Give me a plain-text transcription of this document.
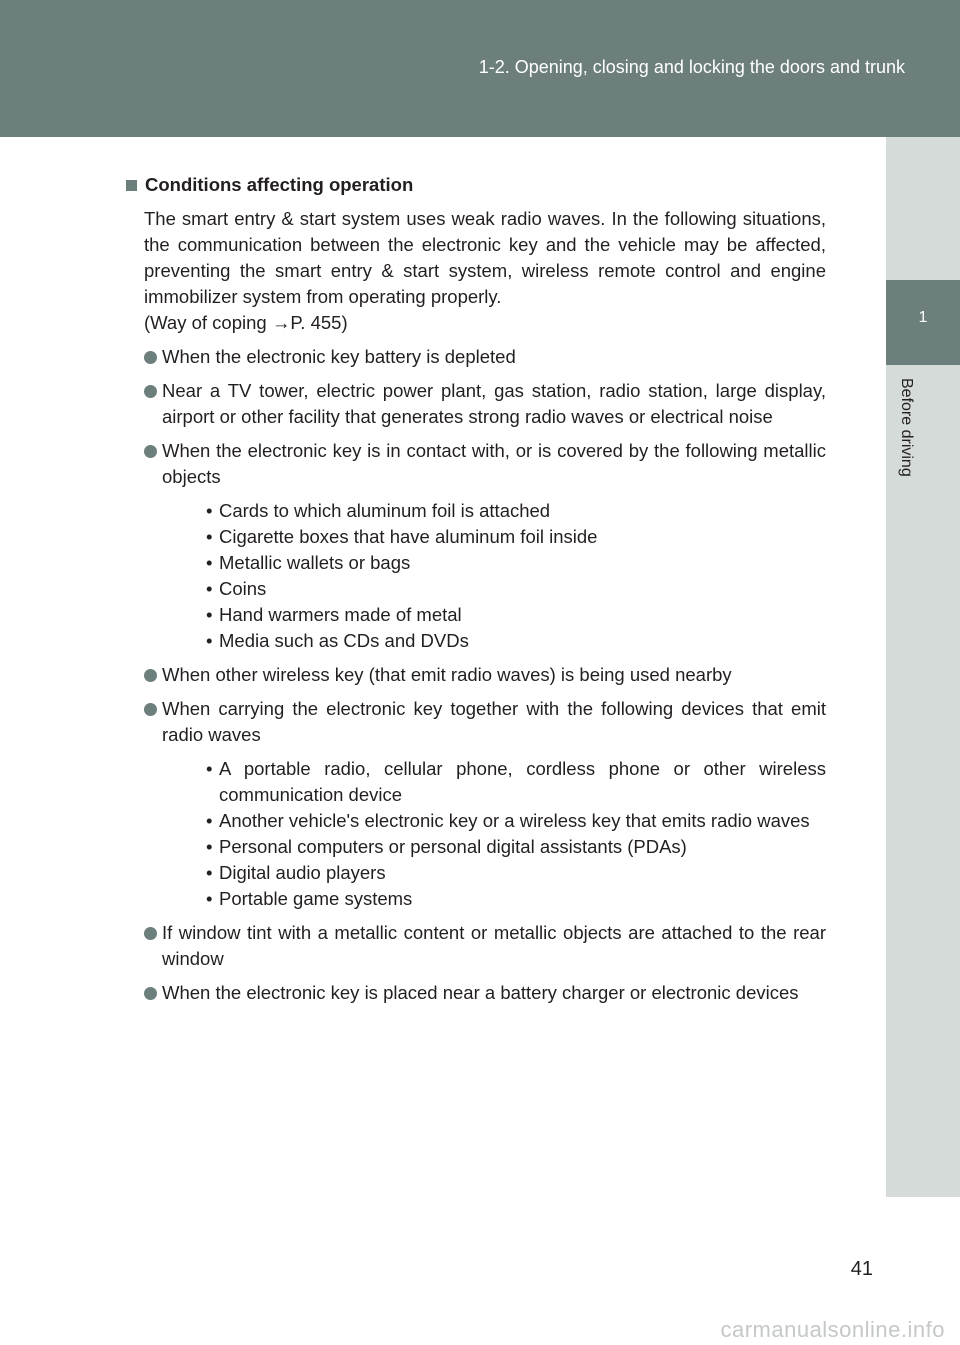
1-2. Opening, closing and locking the doors and trunk
1
Before driving
Conditions affecting operation

The smart entry & start system uses weak radio waves. In the following situations, the communication between the electronic key and the vehicle may be affected, preventing the smart entry & start system, wireless remote control and engine immobilizer system from operating properly.

(Way of coping →P. 455)

When the electronic key battery is depleted
Near a TV tower, electric power plant, gas station, radio station, large display, airport or other facility that generates strong radio waves or electrical noise
When the electronic key is in contact with, or is covered by the following metallic objects
• Cards to which aluminum foil is attached
• Cigarette boxes that have aluminum foil inside
• Metallic wallets or bags
• Coins
• Hand warmers made of metal
• Media such as CDs and DVDs
When other wireless key (that emit radio waves) is being used nearby
When carrying the electronic key together with the following devices that emit radio waves
• A portable radio, cellular phone, cordless phone or other wireless communication device
• Another vehicle's electronic key or a wireless key that emits radio waves
• Personal computers or personal digital assistants (PDAs)
• Digital audio players
• Portable game systems
If window tint with a metallic content or metallic objects are attached to the rear window
When the electronic key is placed near a battery charger or electronic devices
41
carmanualsonline.info
